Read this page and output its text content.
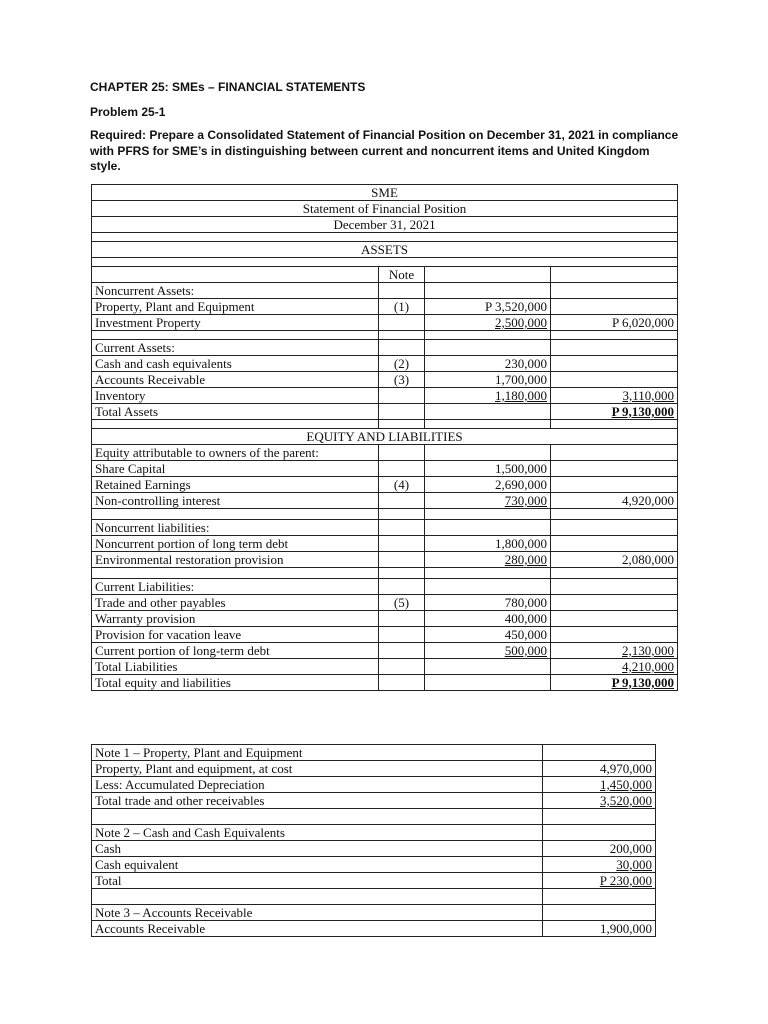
CHAPTER 25: SMEs – FINANCIAL STATEMENTS
Problem 25-1
Required: Prepare a Consolidated Statement of Financial Position on December 31, 2021 in compliance with PFRS for SME’s in distinguishing between current and noncurrent items and United Kingdom style.
SME			
Statement of Financial Position			
December 31, 2021			

ASSETS			

	Note		
Noncurrent Assets:			
Property, Plant and Equipment	(1)	P 3,520,000	
Investment Property		2,500,000	P 6,020,000

Current Assets:			
Cash and cash equivalents	(2)	230,000	
Accounts Receivable	(3)	1,700,000	
Inventory		1,180,000	3,110,000
Total Assets			P 9,130,000

EQUITY AND LIABILITIES			
Equity attributable to owners of the parent:			
Share Capital		1,500,000	
Retained Earnings	(4)	2,690,000	
Non-controlling interest		730,000	4,920,000

Noncurrent liabilities:			
Noncurrent portion of long term debt		1,800,000	
Environmental restoration provision		280,000	2,080,000

Current Liabilities:			
Trade and other payables	(5)	780,000	
Warranty provision		400,000	
Provision for vacation leave		450,000	
Current portion of long-term debt		500,000	2,130,000
Total Liabilities			4,210,000
Total equity and liabilities			P 9,130,000
Note 1 – Property, Plant and Equipment	
Property, Plant and equipment, at cost	4,970,000
Less: Accumulated Depreciation	1,450,000
Total trade and other receivables	3,520,000

Note 2 – Cash and Cash Equivalents	
Cash	200,000
Cash equivalent	30,000
Total	P 230,000

Note 3 – Accounts Receivable	
Accounts Receivable	1,900,000
